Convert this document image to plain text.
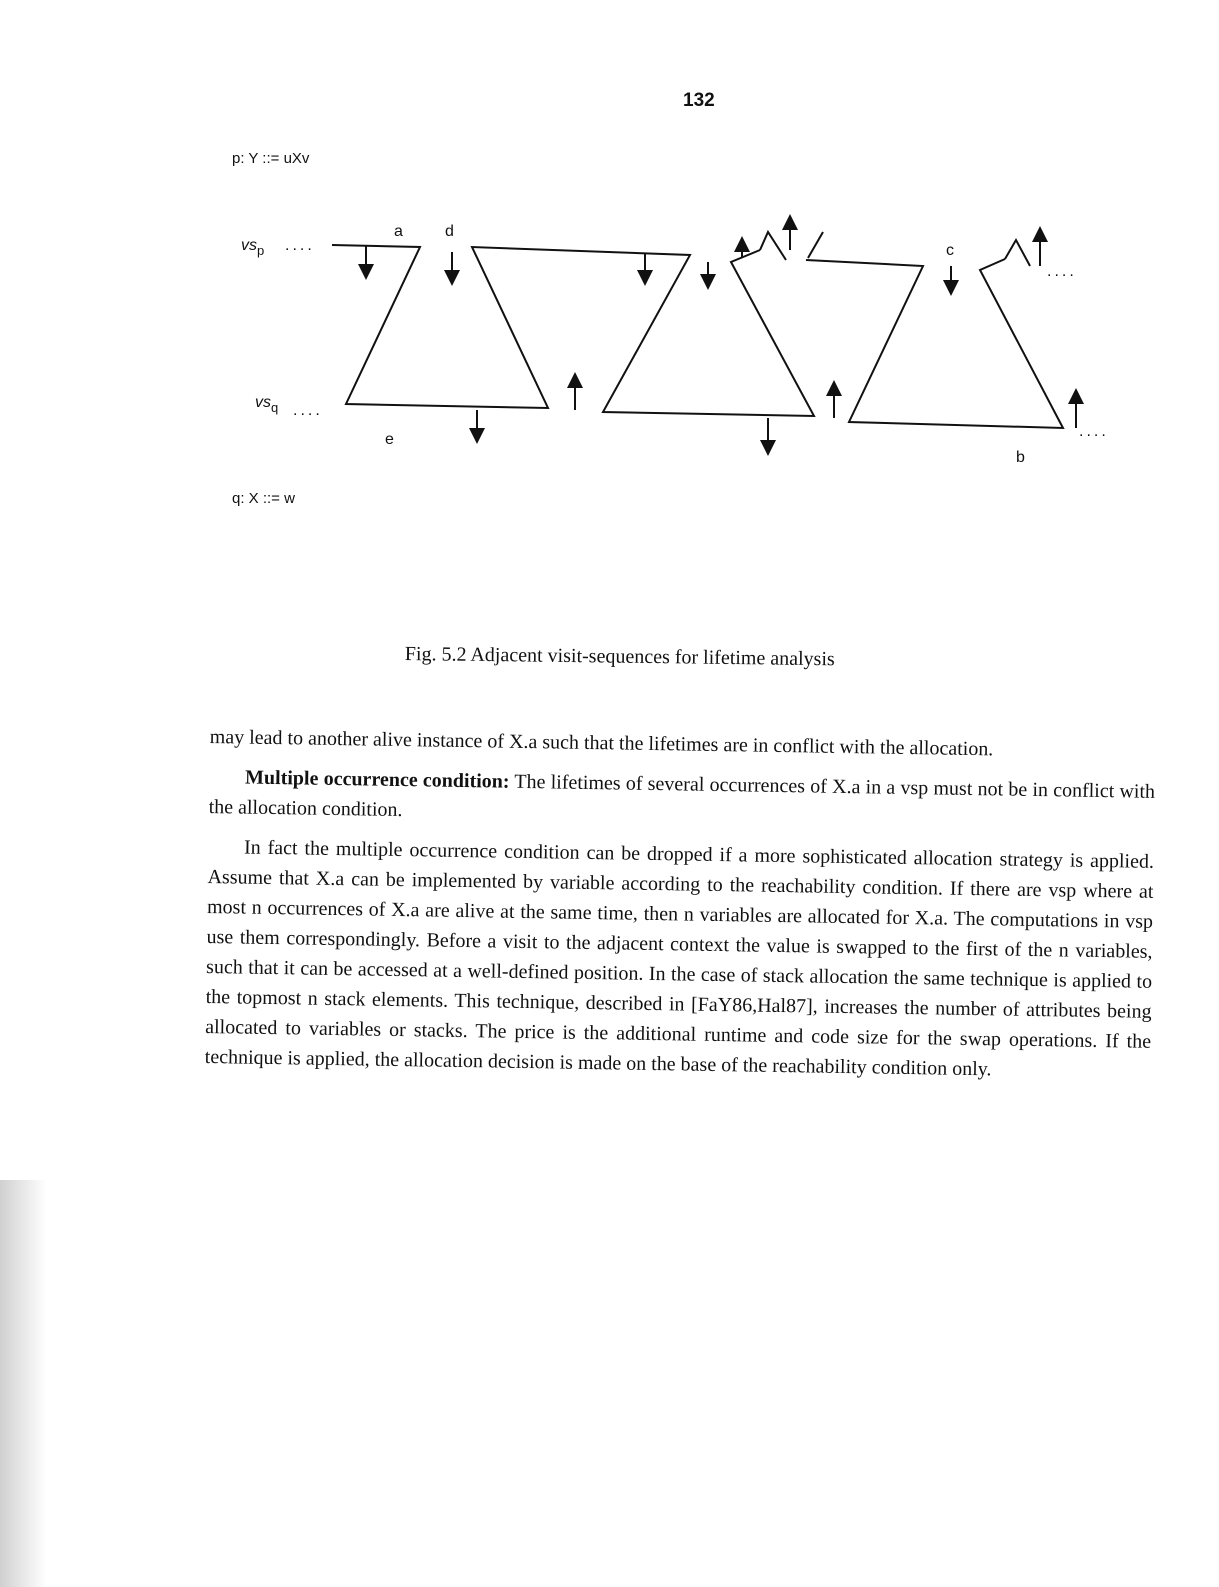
132
p: Y ::= uXv
$vs_p$ ....
$vs_q$ ....
....
....
a	d
c
e
b
q: X ::= w
Fig. 5.2 Adjacent visit-sequences for lifetime analysis

may lead to another alive instance of X.a such that the lifetimes are in conflict with the allocation.

Multiple occurrence condition: The lifetimes of several occurrences of X.a in a vsp must not be in conflict with the allocation condition.

In fact the multiple occurrence condition can be dropped if a more sophisticated allocation strategy is applied. Assume that X.a can be implemented by variable according to the reachability condition. If there are vsp where at most n occurrences of X.a are alive at the same time, then n variables are allocated for X.a. The computations in vsp use them correspondingly. Before a visit to the adjacent context the value is swapped to the first of the n variables, such that it can be accessed at a well-defined position. In the case of stack allocation the same technique is applied to the topmost n stack elements. This technique, described in [FaY86,Hal87], increases the number of attributes being allocated to variables or stacks. The price is the additional runtime and code size for the swap operations. If the technique is applied, the allocation decision is made on the base of the reachability condition only.
